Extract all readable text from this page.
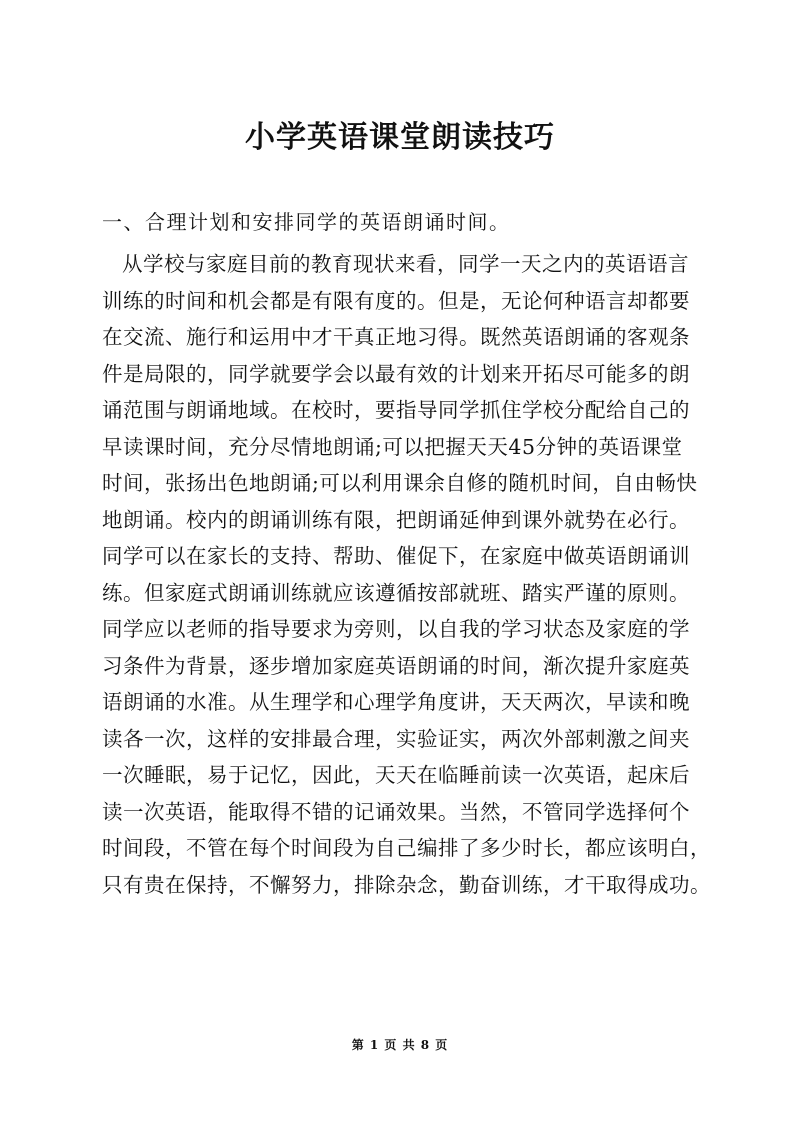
小学英语课堂朗读技巧
一、合理计划和安排同学的英语朗诵时间。
从学校与家庭目前的教育现状来看，同学一天之内的英语语言
训练的时间和机会都是有限有度的。但是，无论何种语言却都要
在交流、施行和运用中才干真正地习得。既然英语朗诵的客观条
件是局限的，同学就要学会以最有效的计划来开拓尽可能多的朗
诵范围与朗诵地域。在校时，要指导同学抓住学校分配给自己的
早读课时间，充分尽情地朗诵;可以把握天天45分钟的英语课堂
时间，张扬出色地朗诵;可以利用课余自修的随机时间，自由畅快
地朗诵。校内的朗诵训练有限，把朗诵延伸到课外就势在必行。
同学可以在家长的支持、帮助、催促下，在家庭中做英语朗诵训
练。但家庭式朗诵训练就应该遵循按部就班、踏实严谨的原则。
同学应以老师的指导要求为旁则，以自我的学习状态及家庭的学
习条件为背景，逐步增加家庭英语朗诵的时间，渐次提升家庭英
语朗诵的水准。从生理学和心理学角度讲，天天两次，早读和晚
读各一次，这样的安排最合理，实验证实，两次外部刺激之间夹
一次睡眠，易于记忆，因此，天天在临睡前读一次英语，起床后
读一次英语，能取得不错的记诵效果。当然，不管同学选择何个
时间段，不管在每个时间段为自己编排了多少时长，都应该明白，
只有贵在保持，不懈努力，排除杂念，勤奋训练，才干取得成功。
第 1 页 共 8 页
